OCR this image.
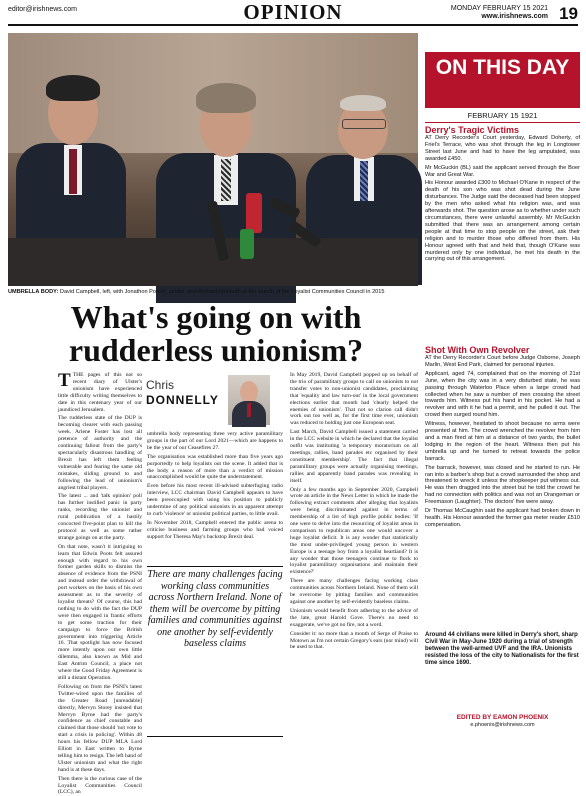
editor@irishnews.com	OPINION	MONDAY FEBRUARY 15 2021
www.irishnews.com 19
UMBRELLA BODY: David Campbell, left, with Jonathon Powell, centre, and Richard Monteith at the launch of the Loyalist Communities Council in 2015
What's going on with rudderless unionism?

TTHE pages of this not so recent diary of Ulster's unionism have experienced little difficulty writing themselves to date in this centenary year of our jaundiced Jerusalem.

The rudderless state of the DUP is becoming clearer with each passing week. Arlene Foster has lost all pretence of authority and the continuing fallout from the party's spectacularly disastrous handling of Brexit has left them feeling vulnerable and fearing the same old mistakes, sliding ground to and following the lead of unionism's angriest tribal players.

The latest ... and 'talk opinion' poll has further instilled panic in party ranks, recording the unionist and rural publication of a hastily concocted five-point plan to kill the protocol as well as some rather strange goings on at the party.

On that note, wasn't it intriguing to learn that Edwin Poots felt assured enough with regard to his own former garden skills to dismiss the absence of evidence from the PSNI and instead order the withdrawal of port workers on the basis of his own assessment as to the severity of loyalist threats? Of course, this had nothing to do with the fact the DUP were then engaged in frantic efforts to get some traction for their campaign to force the British government into triggering Article 16. That spotlight has now focused more intently upon our own little dilemma, also known as Mid and East Antrim Council, a place not where the Good Friday Agreement is still a distant Operation.

Following on from the PSNI's latest Twitter-wired upon the families of the Greater Road [unreadable] directly, Mervyn Storey insisted that Mervyn Byrne had the party's confidence as chief constable and claimed that those should 'not vote to start a crisis in policing'. Within 48 hours his fellow DUP MLA Lord Elliott in East written to Byrne telling him to resign. The left hand of Ulster unionism and what the right hand is at these days.

Then there is the curious case of the Loyalist Communities Council (LCC), an

Chris
DONNELLY

umbrella body representing three very active paramilitary groups in the part of our Lord 2021—which are happens to be the year of our Ceasefires 27.

The organisation was established more than five years ago purportedly to help loyalists out the scene. It added that is the body a reason of more than a verdict of mission unaccomplished would be quite the understatement.

Even before his most recent ill-advised subterfuging radio interview, LCC chairman David Campbell appears to have been preoccupied with using his position to publicly undermine of any political unionists in an apparent attempt to curb 'violence' or unionist political parties, to little avail.

In November 2018, Campbell entered the public arena to criticise business and farming groups who had voiced support for Theresa May's backstop Brexit deal.

There are many challenges facing working class communities across Northern Ireland. None of them will be overcome by pitting families and communities against one another by self-evidently baseless claims

In May 2019, David Campbell popped up on behalf of the trio of paramilitary groups to call on unionists to not transfer votes to non-unionist candidates, proclaiming that 'equality and law turn-out' in the local government elections earlier that month had 'clearly helped the enemies of unionism'. That not so clarion call didn't work out too well as, for the first time ever, unionism was reduced to holding just one European seat.

Last March, David Campbell issued a statement carried in the LCC website in which he declared that the loyalist outfit was instituting 'a temporary moratorium on all meetings, rallies, band parades etc organised by their constituent membership'. The fact that illegal paramilitary groups were actually organising meetings, rallies and apparently band parades was revealing in itself.

Only a few months ago in September 2020, Campbell wrote an article in the News Letter in which he made the following extract comments after alleging that loyalists were being discriminated against in terms of membership of a list of high profile public bodies: 'If one were to delve into the resourcing of loyalist areas in comparison to republican areas one would uncover a huge loyalist deficit. It is any wonder that statistically the most under-privileged young person in western Europe is a teenage boy from a loyalist heartland? It is any wonder that those teenagers continue to flock to loyalist paramilitary organisations and maintain their existence?'

There are many challenges facing working class communities across Northern Ireland. None of them will be overcome by pitting families and communities against one another by self-evidently baseless claims.

Unionism would benefit from adhering to the advice of the late, great Harold Gove. There's no need to exaggerate, we've got no fire, not a word.

Consider it: no more than a month of Serge of Praise to Motown as I'm not certain Gregory's ears (nor mind) will be used to that.

ON THIS DAY
FEBRUARY 15 1921
Derry's Tragic Victims

AT Derry Recorder's Court yesterday, Edward Doherty, of Friel's Terrace, who was shot through the leg in Longtower Street last June and had to have the leg amputated, was awarded £450.

Mr McGuckin (BL) said the applicant served through the Boer War and Great War.

His Honour awarded £300 to Michael O'Kane in respect of the death of his son who was shot dead during the June disturbances. The Judge said the deceased had been stopped by the men who asked what his religion was, and was afterwards shot. The question arose as to whether under such circumstances, there were unlawful assembly. Mr McGuckin submitted that there was an arrangement among certain people at that time to stop people on the street, ask their religion and to murder those who differed from them. His Honour agreed with that and held that, though O'Kane was murdered only by one individual, he met his death in the carrying out of this arrangement.

Shot With Own Revolver

AT the Derry Recorder's Court before Judge Osborne, Joseph Marlin, West End Park, claimed for personal injuries.

Applicant, aged 74, complained that on the morning of 21st June, when the city was in a very disturbed state, he was passing through Waterloo Place when a large crowd had collected when he saw a number of men crossing the street towards him. Witness put his hand in his pocket. He had a revolver and with it he had a permit, and he pulled it out. The crowd then surged round him.

Witness, however, hesitated to shoot because no arms were presented at him. The crowd wrenched the revolver from him and a man fired at him at a distance of two yards, the bullet lodging in the region of the heart. Witness then put his umbrella up and he turned to retreat towards the police barrack.

The barrack, however, was closed and he started to run. He ran into a barber's shop but a crowd surrounded the shop and threatened to wreck it unless the shopkeeper put witness out. He was then dragged into the street but he told the crowd he had no connection with politics and was not an Orangeman or Freemason (Laughter). The doctors' five were away.

Dr Thomas McCaughin said the applicant had broken down in health. His Honour awarded the former gas meter reader £510 compensation.

Around 44 civilians were killed in Derry's short, sharp Civil War in May-June 1920 during a trial of strength between the well-armed UVF and the IRA. Unionists resisted the loss of the city to Nationalists for the first time since 1690.
EDITED BY EAMON PHOENIX
e.phoenix@irishnews.com
